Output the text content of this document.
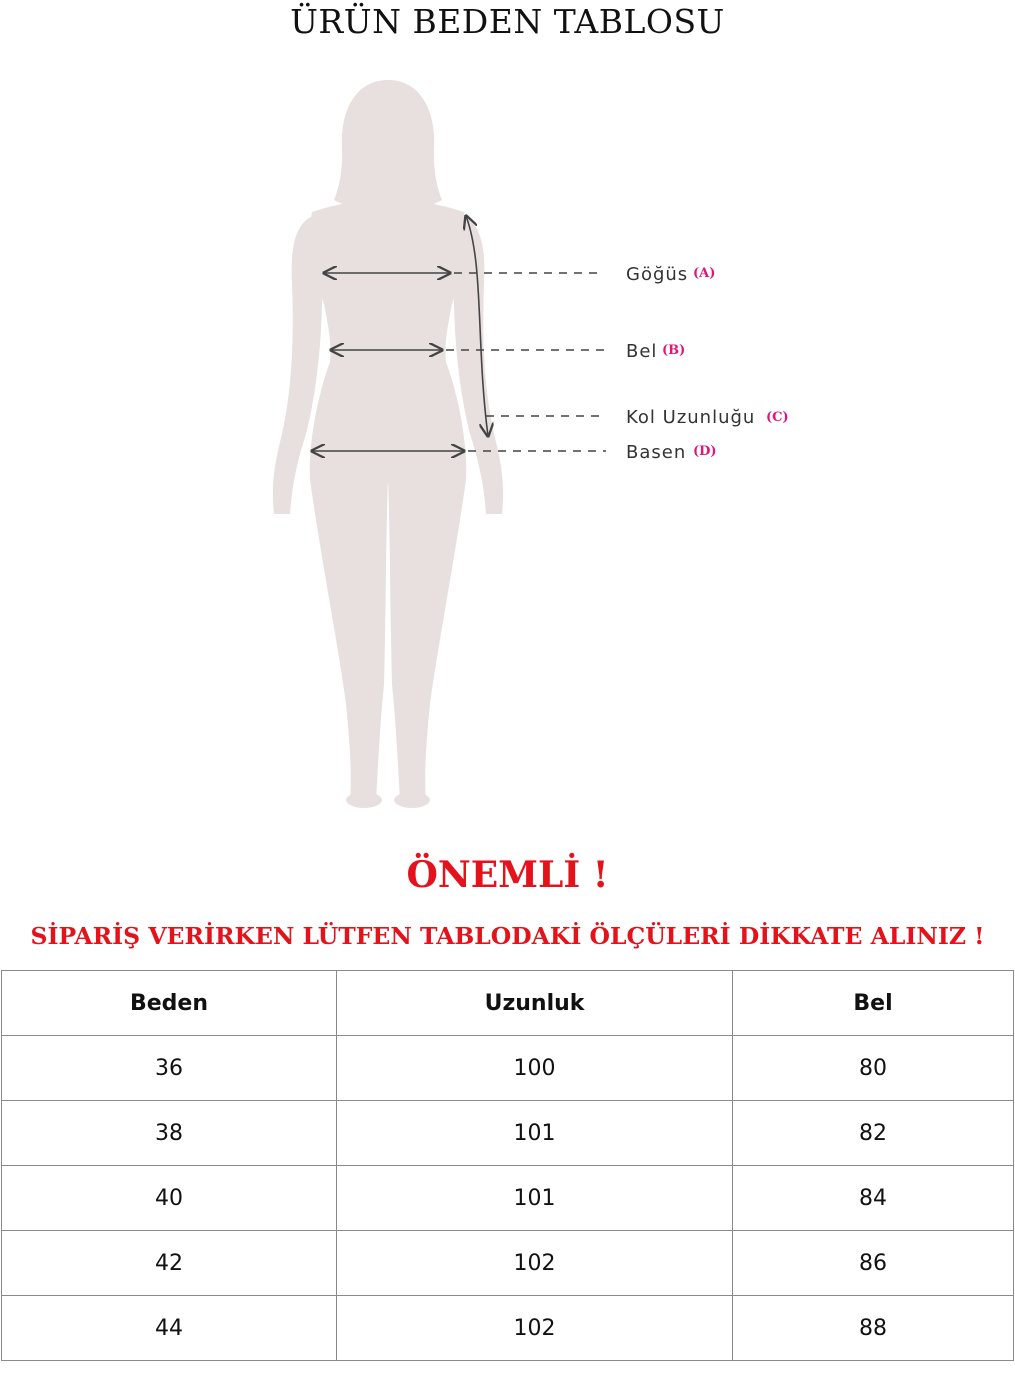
ÜRÜN BEDEN TABLOSU
Göğüs (A)
Bel (B)
Kol Uzunluğu (C)
Basen (D)
ÖNEMLİ !
SİPARİŞ VERİRKEN LÜTFEN TABLODAKİ ÖLÇÜLERİ DİKKATE ALINIZ !
Beden	Uzunluk	Bel
36	100	80
38	101	82
40	101	84
42	102	86
44	102	88
